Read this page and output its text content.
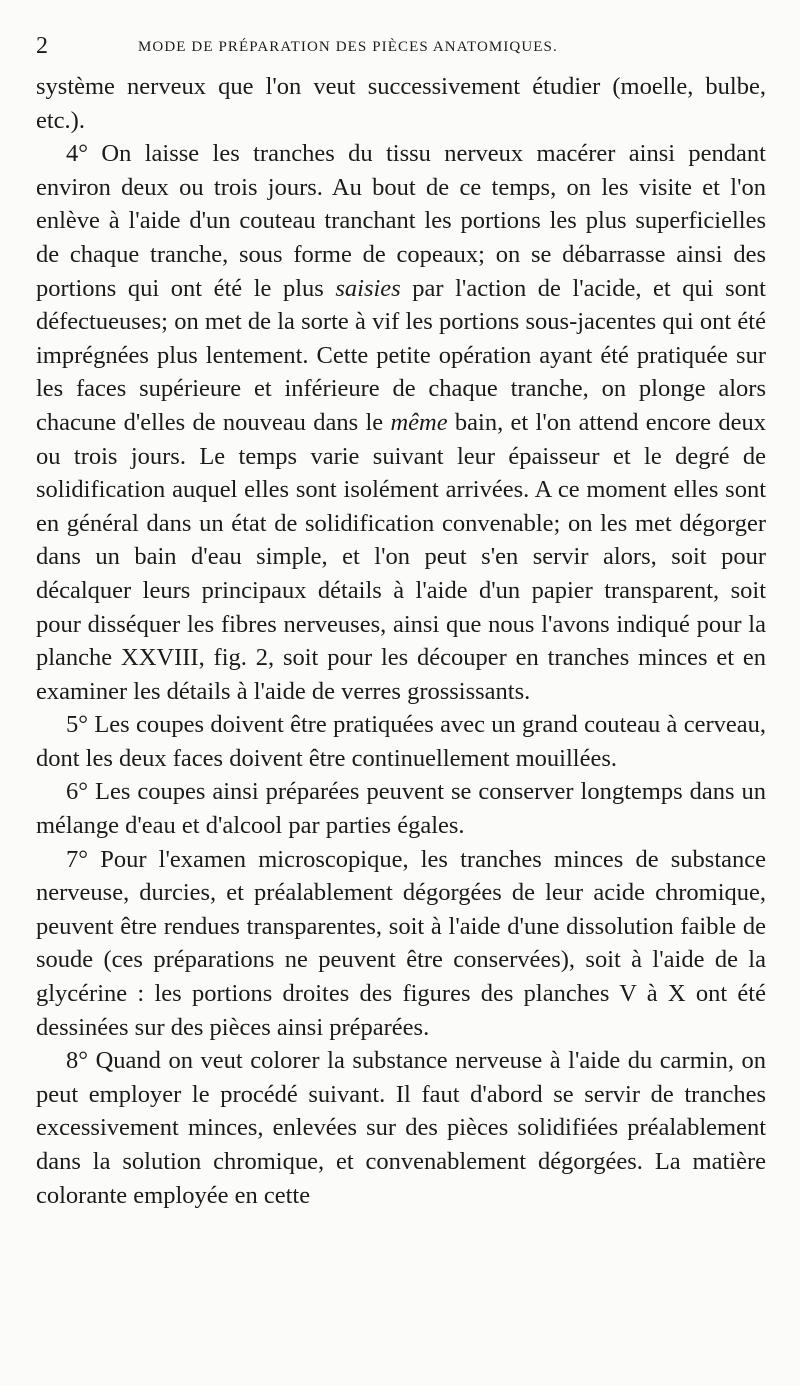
2	MODE DE PRÉPARATION DES PIÈCES ANATOMIQUES.

système nerveux que l'on veut successivement étudier (moelle, bulbe, etc.).

4° On laisse les tranches du tissu nerveux macérer ainsi pendant environ deux ou trois jours. Au bout de ce temps, on les visite et l'on enlève à l'aide d'un couteau tranchant les portions les plus superficielles de chaque tranche, sous forme de copeaux; on se débarrasse ainsi des portions qui ont été le plus saisies par l'action de l'acide, et qui sont défectueuses; on met de la sorte à vif les portions sous-jacentes qui ont été imprégnées plus lentement. Cette petite opération ayant été pratiquée sur les faces supérieure et inférieure de chaque tranche, on plonge alors chacune d'elles de nouveau dans le même bain, et l'on attend encore deux ou trois jours. Le temps varie suivant leur épaisseur et le degré de solidification auquel elles sont isolément arrivées. A ce moment elles sont en général dans un état de solidification convenable; on les met dégorger dans un bain d'eau simple, et l'on peut s'en servir alors, soit pour décalquer leurs principaux détails à l'aide d'un papier transparent, soit pour disséquer les fibres nerveuses, ainsi que nous l'avons indiqué pour la planche XXVIII, fig. 2, soit pour les découper en tranches minces et en examiner les détails à l'aide de verres grossissants.

5° Les coupes doivent être pratiquées avec un grand couteau à cerveau, dont les deux faces doivent être continuellement mouillées.

6° Les coupes ainsi préparées peuvent se conserver longtemps dans un mélange d'eau et d'alcool par parties égales.

7° Pour l'examen microscopique, les tranches minces de substance nerveuse, durcies, et préalablement dégorgées de leur acide chromique, peuvent être rendues transparentes, soit à l'aide d'une dissolution faible de soude (ces préparations ne peuvent être conservées), soit à l'aide de la glycérine : les portions droites des figures des planches V à X ont été dessinées sur des pièces ainsi préparées.

8° Quand on veut colorer la substance nerveuse à l'aide du carmin, on peut employer le procédé suivant. Il faut d'abord se servir de tranches excessivement minces, enlevées sur des pièces solidifiées préalablement dans la solution chromique, et convenablement dégorgées. La matière colorante employée en cette
